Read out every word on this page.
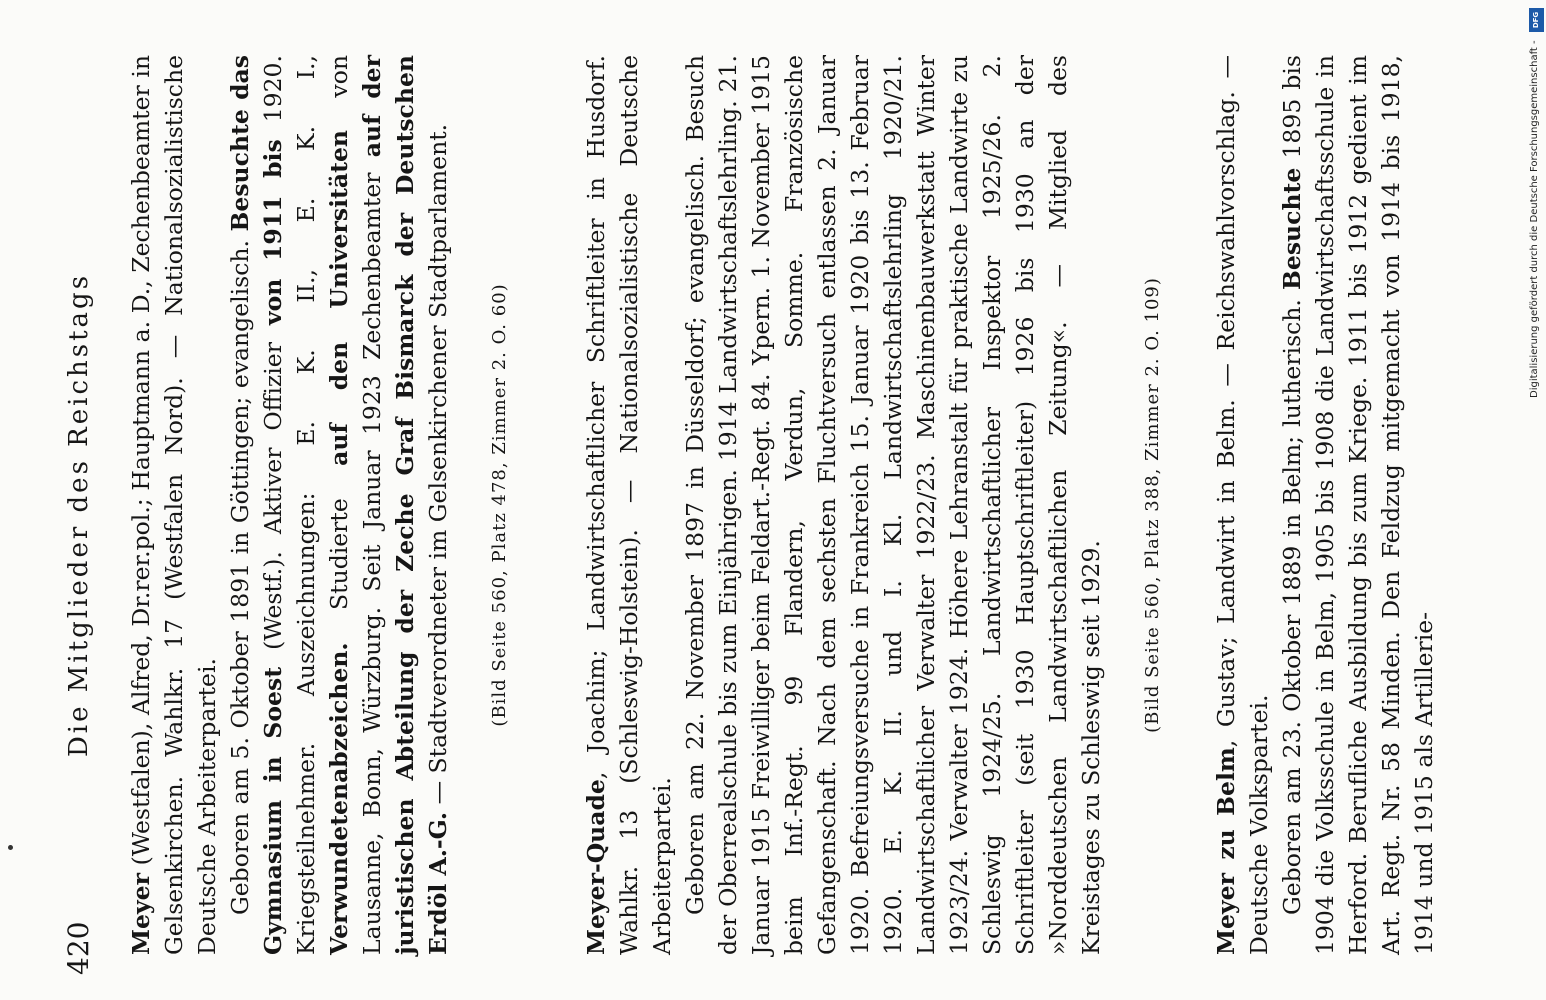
420
Die Mitglieder des Reichstags

Meyer (Westfalen), Alfred, Dr.rer.pol.; Hauptmann a. D., Zechenbeamter in Gelsenkirchen. Wahlkr. 17 (Westfalen Nord). — Nationalsozialistische Deutsche Arbeiterpartei. Geboren am 5. Oktober 1891 in Göttingen; evangelisch. Besuchte das Gymnasium in Soest (Westf.). Aktiver Offizier von 1911 bis 1920. Kriegsteilnehmer. Auszeichnungen: E. K. II., E. K. I., Verwundetenabzeichen. Studierte auf den Universitäten von Lausanne, Bonn, Würzburg. Seit Januar 1923 Zechenbeamter auf der juristischen Abteilung der Zeche Graf Bismarck der Deutschen Erdöl A.-G. — Stadtverordneter im Gelsenkirchener Stadtparlament.	(Bild Seite 560, Platz 478, Zimmer 2. O. 60)

Meyer-Quade, Joachim; Landwirtschaftlicher Schriftleiter in Husdorf. Wahlkr. 13 (Schleswig-Holstein). — Nationalsozialistische Deutsche Arbeiterpartei. Geboren am 22. November 1897 in Düsseldorf; evangelisch. Besuch der Oberrealschule bis zum Einjährigen. 1914 Landwirtschaftslehrling. 21. Januar 1915 Freiwilliger beim Feldart.-Regt. 84. Ypern. 1. November 1915 beim Inf.-Regt. 99 Flandern, Verdun, Somme. Französische Gefangenschaft. Nach dem sechsten Fluchtversuch entlassen 2. Januar 1920. Befreiungsversuche in Frankreich 15. Januar 1920 bis 13. Februar 1920. E. K. II. und I. Kl. Landwirtschaftslehrling 1920/21. Landwirtschaftlicher Verwalter 1922/23. Maschinenbauwerkstatt Winter 1923/24. Verwalter 1924. Höhere Lehranstalt für praktische Landwirte zu Schleswig 1924/25. Landwirtschaftlicher Inspektor 1925/26. 2. Schriftleiter (seit 1930 Hauptschriftleiter) 1926 bis 1930 an der »Norddeutschen Landwirtschaftlichen Zeitung«. — Mitglied des Kreistages zu Schleswig seit 1929.

(Bild Seite 560, Platz 388, Zimmer 2. O. 109)

Meyer zu Belm, Gustav; Landwirt in Belm. — Reichswahlvorschlag. — Deutsche Volkspartei. Geboren am 23. Oktober 1889 in Belm; lutherisch. Besuchte 1895 bis 1904 die Volksschule in Belm, 1905 bis 1908 die Landwirtschaftsschule in Herford. Berufliche Ausbildung bis zum Kriege. 1911 bis 1912 gedient im Art. Regt. Nr. 58 Minden. Den Feldzug mitgemacht von 1914 bis 1918, 1914 und 1915 als Artillerie-

DFG
Digitalisierung gefördert durch die Deutsche Forschungsgemeinschaft -
